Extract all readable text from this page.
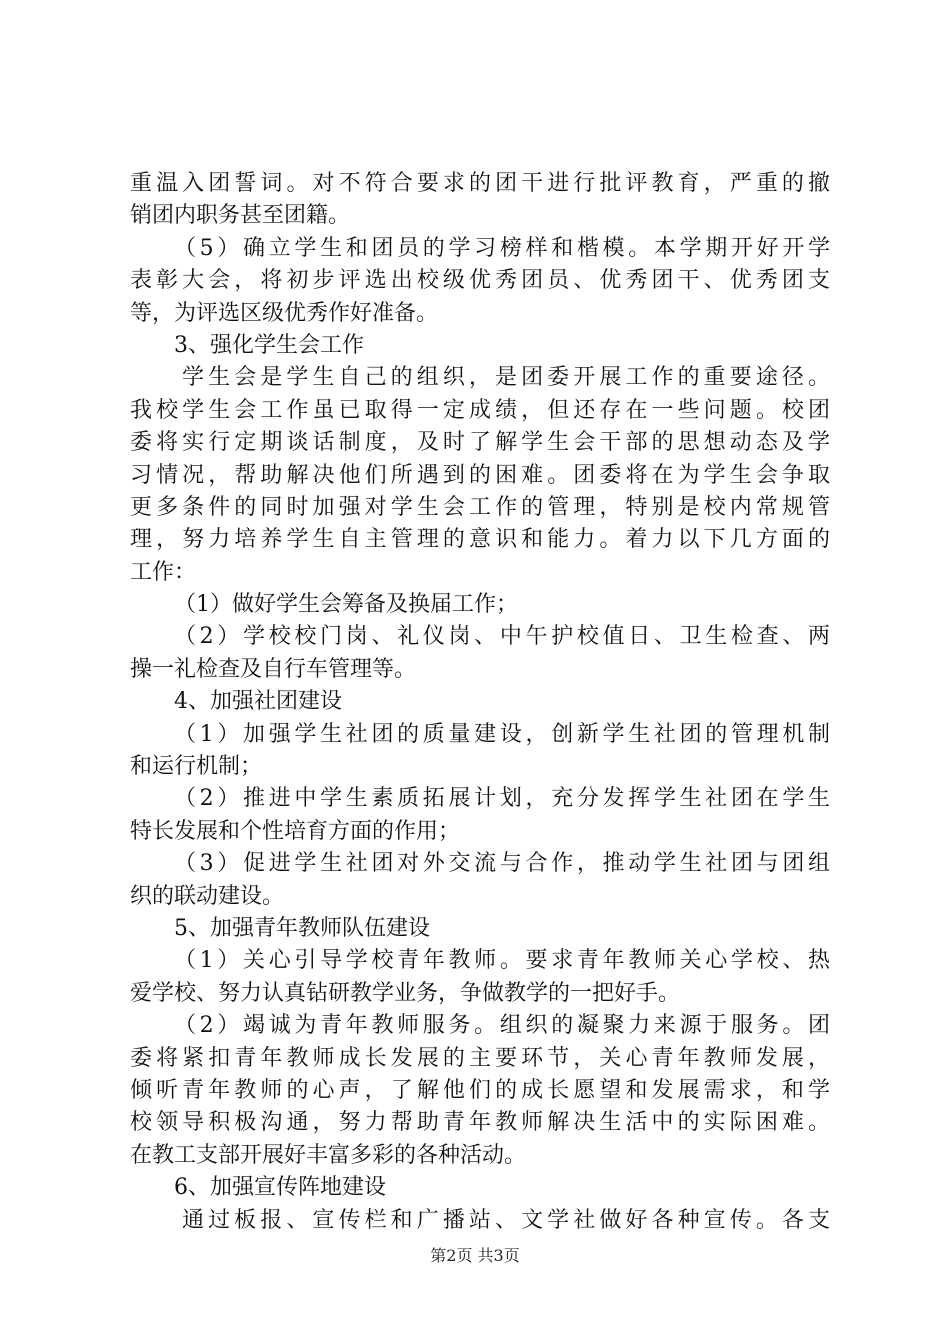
重温入团誓词。对不符合要求的团干进行批评教育，严重的撤
销团内职务甚至团籍。
（5）确立学生和团员的学习榜样和楷模。本学期开好开学
表彰大会，将初步评选出校级优秀团员、优秀团干、优秀团支
等，为评选区级优秀作好准备。
3、强化学生会工作
学生会是学生自己的组织，是团委开展工作的重要途径。
我校学生会工作虽已取得一定成绩，但还存在一些问题。校团
委将实行定期谈话制度，及时了解学生会干部的思想动态及学
习情况，帮助解决他们所遇到的困难。团委将在为学生会争取
更多条件的同时加强对学生会工作的管理，特别是校内常规管
理，努力培养学生自主管理的意识和能力。着力以下几方面的
工作：
（1）做好学生会筹备及换届工作；
（2）学校校门岗、礼仪岗、中午护校值日、卫生检查、两
操一礼检查及自行车管理等。
4、加强社团建设
（1）加强学生社团的质量建设，创新学生社团的管理机制
和运行机制；
（2）推进中学生素质拓展计划，充分发挥学生社团在学生
特长发展和个性培育方面的作用；
（3）促进学生社团对外交流与合作，推动学生社团与团组
织的联动建设。
5、加强青年教师队伍建设
（1）关心引导学校青年教师。要求青年教师关心学校、热
爱学校、努力认真钻研教学业务，争做教学的一把好手。
（2）竭诚为青年教师服务。组织的凝聚力来源于服务。团
委将紧扣青年教师成长发展的主要环节，关心青年教师发展，
倾听青年教师的心声，了解他们的成长愿望和发展需求，和学
校领导积极沟通，努力帮助青年教师解决生活中的实际困难。
在教工支部开展好丰富多彩的各种活动。
6、加强宣传阵地建设
通过板报、宣传栏和广播站、文学社做好各种宣传。各支
第2页 共3页
